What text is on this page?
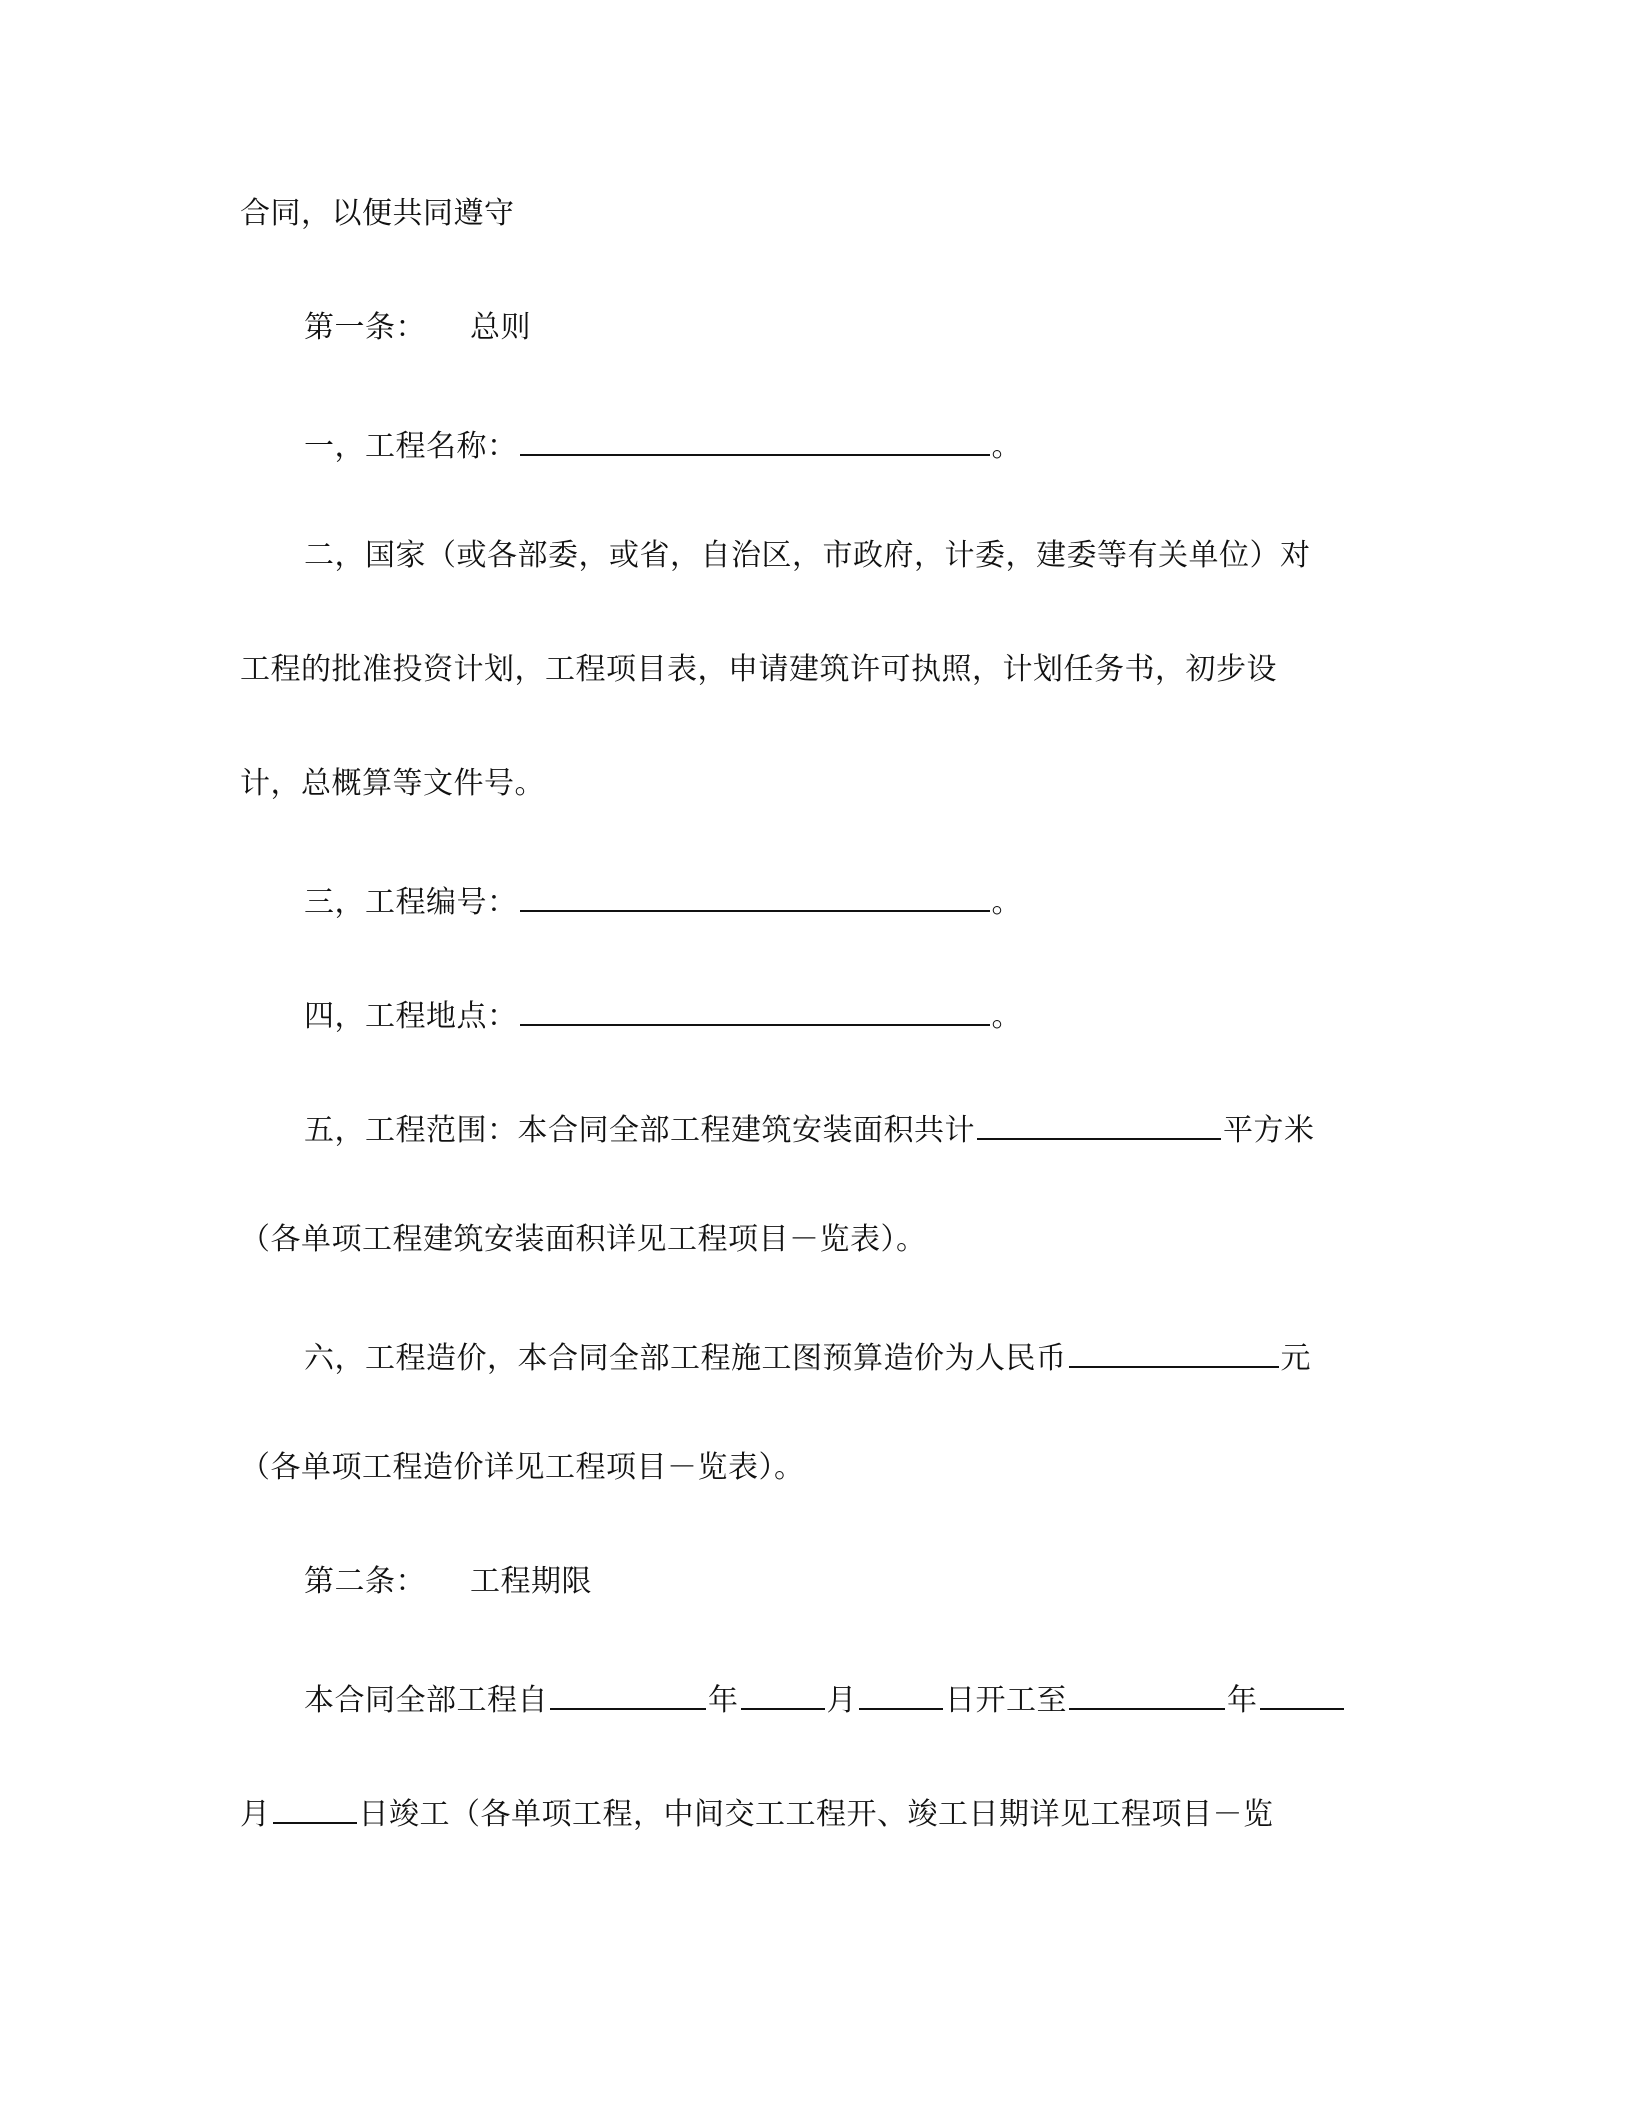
合同，以便共同遵守
第一条： 总则
一，工程名称：	。
二，国家（或各部委，或省，自治区，市政府，计委，建委等有关单位）对
工程的批准投资计划，工程项目表，申请建筑许可执照，计划任务书，初步设
计，总概算等文件号。
三，工程编号：	。
四，工程地点：	。
五，工程范围：本合同全部工程建筑安装面积共计	平方米
（各单项工程建筑安装面积详见工程项目－览表）。
六，工程造价，本合同全部工程施工图预算造价为人民币	元
（各单项工程造价详见工程项目－览表）。
第二条： 工程期限
本合同全部工程自	年	月	日开工至	年
月	日竣工（各单项工程，中间交工工程开、竣工日期详见工程项目－览
